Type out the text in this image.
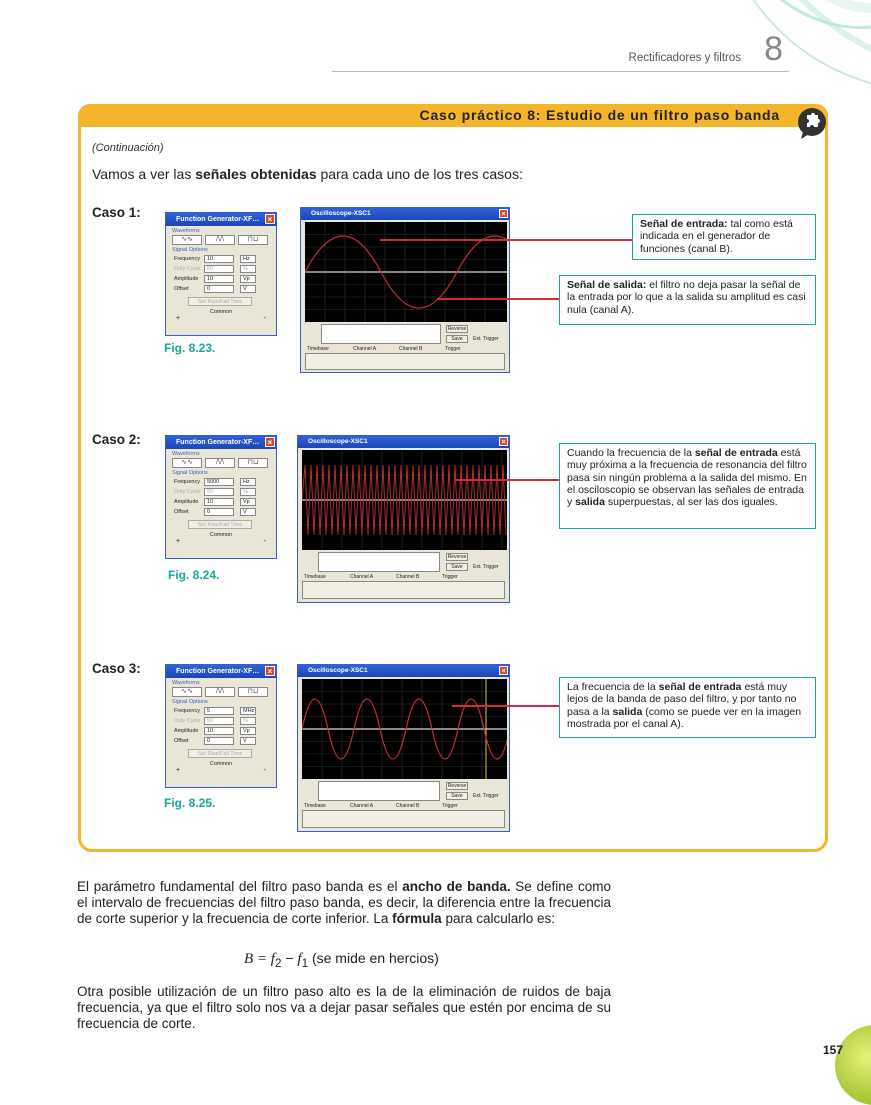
Rectificadores y filtros 8
Caso práctico 8: Estudio de un filtro paso banda
(Continuación)
Vamos a ver las señales obtenidas para cada uno de los tres casos:
Caso 1:	Function Generator-XF…	×
Waveforms
∿∿	/\/\	⊓⊔
Signal Options
Frequency	10	Hz
Duty Cycle	50	%
Amplitude	10	Vp
Offset	0	V
Set Rise/Fall Time
Common
+	-
Fig. 8.23.
Oscilloscope-XSC1	×
Reverse
Save	Ext. Trigger
Timebase	Channel A	Channel B	Trigger
Señal de entrada: tal como está indicada en el generador de funciones (canal B).
Señal de salida: el filtro no deja pasar la señal de la entrada por lo que a la salida su amplitud es casi nula (canal A).
Caso 2:	Function Generator-XF…	×
Waveforms
∿∿	/\/\	⊓⊔
Signal Options
Frequency	5000	Hz
Duty Cycle	50	%
Amplitude	10	Vp
Offset	0	V
Set Rise/Fall Time
Common
+	-
Fig. 8.24.
Oscilloscope-XSC1	×
Reverse
Save	Ext. Trigger
Timebase	Channel A	Channel B	Trigger
Cuando la frecuencia de la señal de entrada está muy próxima a la frecuencia de resonancia del filtro pasa sin ningún problema a la salida del mismo. En el osciloscopio se observan las señales de entrada y salida superpuestas, al ser las dos iguales.
Caso 3:	Function Generator-XF…	×
Waveforms
∿∿	/\/\	⊓⊔
Signal Options
Frequency	5	MHz
Duty Cycle	50	%
Amplitude	10	Vp
Offset	0	V
Set Rise/Fall Time
Common
+	-
Fig. 8.25.
Oscilloscope-XSC1	×
Reverse
Save	Ext. Trigger
Timebase	Channel A	Channel B	Trigger
La frecuencia de la señal de entrada está muy lejos de la banda de paso del filtro, y por tanto no pasa a la salida (como se puede ver en la imagen mostrada por el canal A).
El parámetro fundamental del filtro paso banda es el ancho de banda. Se define como el intervalo de frecuencias del filtro paso banda, es decir, la diferencia entre la frecuencia de corte superior y la frecuencia de corte inferior. La fórmula para calcularlo es:
$B = f_2 - f_1$ (se mide en hercios)
Otra posible utilización de un filtro paso alto es la de la eliminación de ruidos de baja frecuencia, ya que el filtro solo nos va a dejar pasar señales que estén por encima de su frecuencia de corte.
157
